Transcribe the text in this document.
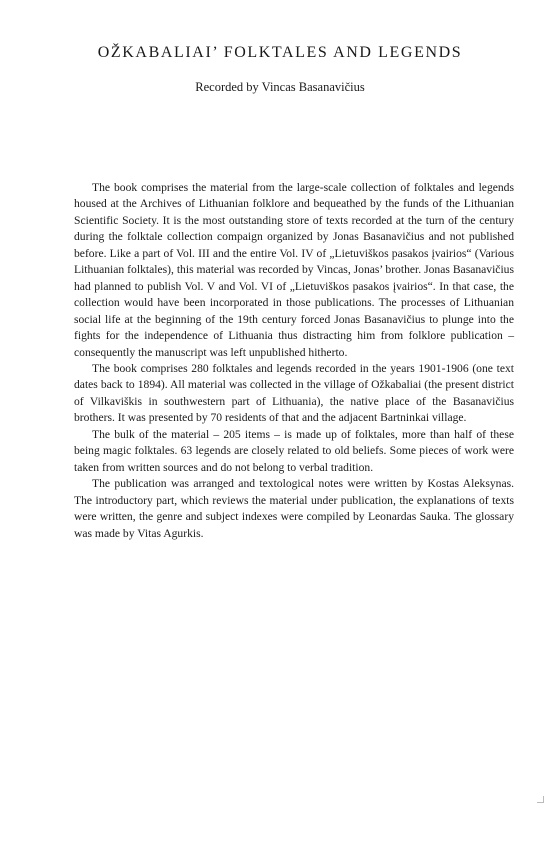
OŽKABALIAI’ FOLKTALES AND LEGENDS
Recorded by Vincas Basanavičius

The book comprises the material from the large-scale collection of folktales and legends housed at the Archives of Lithuanian folklore and bequeathed by the funds of the Lithuanian Scientific Society. It is the most outstanding store of texts recorded at the turn of the century during the folktale collection compaign organized by Jonas Basanavičius and not published before. Like a part of Vol. III and the entire Vol. IV of „Lietuviškos pasakos įvairios“ (Various Lithuanian folktales), this material was recorded by Vincas, Jonas’ brother. Jonas Basanavičius had planned to publish Vol. V and Vol. VI of „Lietuviškos pasakos įvairios“. In that case, the collection would have been incorporated in those publications. The processes of Lithuanian social life at the beginning of the 19th century forced Jonas Basanavičius to plunge into the fights for the independence of Lithuania thus distracting him from folklore publication – consequently the manuscript was left unpublished hitherto.

The book comprises 280 folktales and legends recorded in the years 1901-1906 (one text dates back to 1894). All material was collected in the village of Ožkabaliai (the present district of Vilkaviškis in southwestern part of Lithuania), the native place of the Basanavičius brothers. It was presented by 70 residents of that and the adjacent Bartninkai village.

The bulk of the material – 205 items – is made up of folktales, more than half of these being magic folktales. 63 legends are closely related to old beliefs. Some pieces of work were taken from written sources and do not belong to verbal tradition.

The publication was arranged and textological notes were written by Kostas Aleksynas. The introductory part, which reviews the material under publication, the explanations of texts were written, the genre and subject indexes were compiled by Leonardas Sauka. The glossary was made by Vitas Agurkis.
